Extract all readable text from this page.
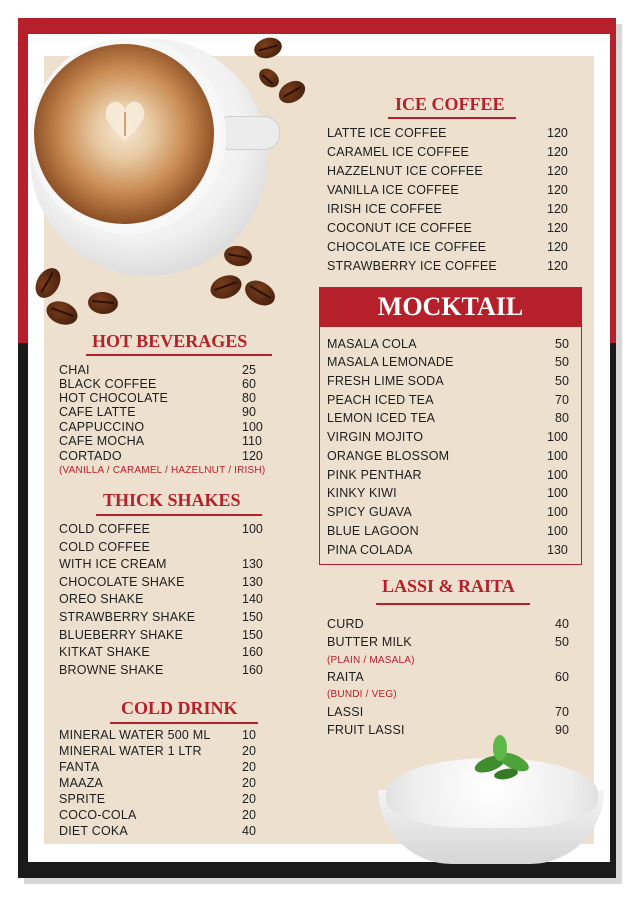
HOT BEVERAGES
CHAI	25
BLACK COFFEE	60
HOT CHOCOLATE	80
CAFE LATTE	90
CAPPUCCINO	100
CAFE MOCHA	110
CORTADO	120
(VANILLA / CARAMEL / HAZELNUT / IRISH)
THICK SHAKES
COLD COFFEE	100
COLD COFFEE
WITH ICE CREAM	130
CHOCOLATE SHAKE	130
OREO SHAKE	140
STRAWBERRY SHAKE	150
BLUEBERRY SHAKE	150
KITKAT SHAKE	160
BROWNE SHAKE	160
COLD DRINK
MINERAL WATER 500 ML	10
MINERAL WATER 1 LTR	20
FANTA	20
MAAZA	20
SPRITE	20
COCO-COLA	20
DIET COKA	40
ICE COFFEE
LATTE ICE COFFEE	120
CARAMEL ICE COFFEE	120
HAZZELNUT ICE COFFEE	120
VANILLA ICE COFFEE	120
IRISH ICE COFFEE	120
COCONUT ICE COFFEE	120
CHOCOLATE ICE COFFEE	120
STRAWBERRY ICE COFFEE	120
MOCKTAIL
MASALA COLA	50
MASALA LEMONADE	50
FRESH LIME SODA	50
PEACH ICED TEA	70
LEMON ICED TEA	80
VIRGIN MOJITO	100
ORANGE BLOSSOM	100
PINK PENTHAR	100
KINKY KIWI	100
SPICY GUAVA	100
BLUE LAGOON	100
PINA COLADA	130
LASSI & RAITA
CURD	40
BUTTER MILK	50
(PLAIN / MASALA)
RAITA	60
(BUNDI / VEG)
LASSI	70
FRUIT LASSI	90
